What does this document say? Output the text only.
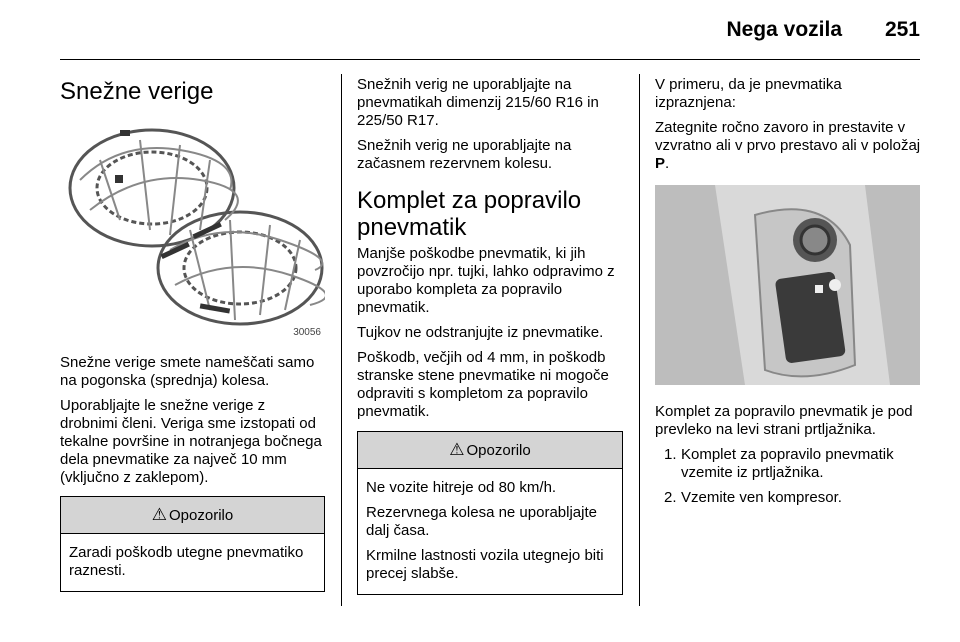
Nega vozila 251
Snežne verige
30056

Snežne verige smete nameščati samo na pogonska (sprednja) kolesa.

Uporabljajte le snežne verige z drobnimi členi. Veriga sme izstopati od tekalne površine in notranjega bočnega dela pnevmatike za največ 10 mm (vključno z zaklepom).

⚠ Opozorilo

Zaradi poškodb utegne pnevmatiko raznesti.

Snežnih verig ne uporabljajte na pnevmatikah dimenzij 215/60 R16 in 225/50 R17.

Snežnih verig ne uporabljajte na začasnem rezervnem kolesu.

Komplet za popravilo pnevmatik

Manjše poškodbe pnevmatik, ki jih povzročijo npr. tujki, lahko odpravimo z uporabo kompleta za popravilo pnevmatik.

Tujkov ne odstranjujte iz pnevmatike.

Poškodb, večjih od 4 mm, in poškodb stranske stene pnevmatike ni mogoče odpraviti s kompletom za popravilo pnevmatik.

⚠ Opozorilo

Ne vozite hitreje od 80 km/h.

Rezervnega kolesa ne uporabljajte dalj časa.

Krmilne lastnosti vozila utegnejo biti precej slabše.

V primeru, da je pnevmatika izpraznjena:

Zategnite ročno zavoro in prestavite v vzvratno ali v prvo prestavo ali v položaj P.

Komplet za popravilo pnevmatik je pod prevleko na levi strani prtljažnika.

1. Komplet za popravilo pnevmatik vzemite iz prtljažnika.
2. Vzemite ven kompresor.
